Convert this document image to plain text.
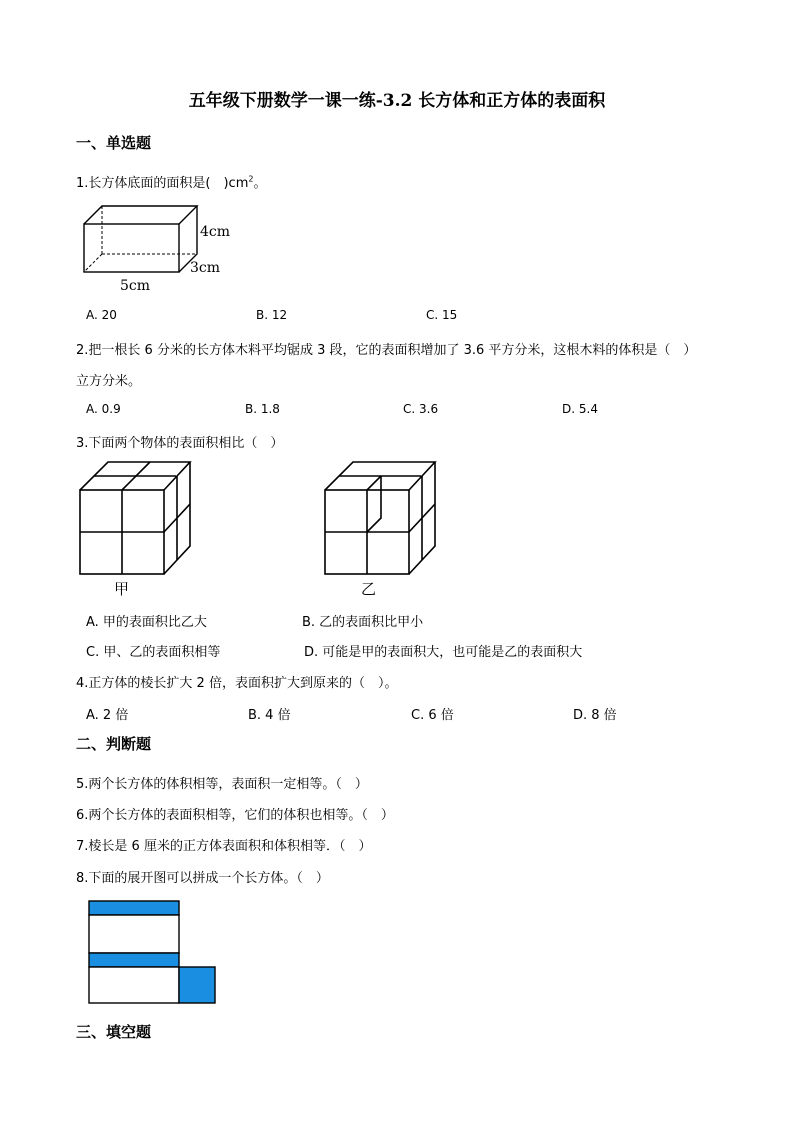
五年级下册数学一课一练-3.2 长方体和正方体的表面积
一、单选题
1.长方体底面的面积是(　)$cm^2$。
4cm
3cm
5cm
A. 20	B. 12	C. 15
2.把一根长 6 分米的长方体木料平均锯成 3 段，它的表面积增加了 3.6 平方分米，这根木料的体积是（　）
立方分米。
A. 0.9	B. 1.8	C. 3.6	D. 5.4
3.下面两个物体的表面积相比（　）
甲	乙
A. 甲的表面积比乙大	B. 乙的表面积比甲小
C. 甲、乙的表面积相等	D. 可能是甲的表面积大，也可能是乙的表面积大
4.正方体的棱长扩大 2 倍，表面积扩大到原来的（　）。
A. 2 倍	B. 4 倍	C. 6 倍	D. 8 倍
二、判断题
5.两个长方体的体积相等，表面积一定相等。（　）
6.两个长方体的表面积相等，它们的体积也相等。（　）
7.棱长是 6 厘米的正方体表面积和体积相等．（　）
8.下面的展开图可以拼成一个长方体。（　）
三、填空题
